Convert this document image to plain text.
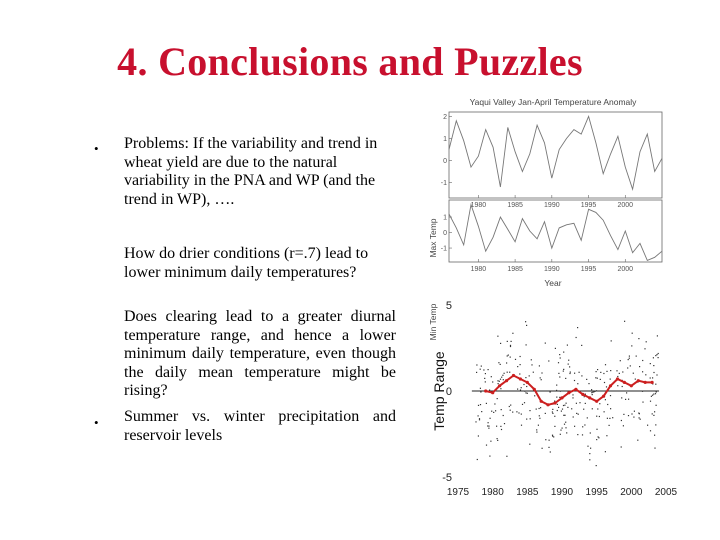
4. Conclusions and Puzzles
• Problems: If the variability and trend in wheat yield are due to the natural variability in the PNA and WP (and the trend in WP), ….
How do drier conditions (r=.7) lead to lower minimum daily temperatures?
Does clearing lead to a greater diurnal temperature range, and hence a lower minimum daily temperature, even though the daily mean temperature might be rising?
• Summer vs. winter precipitation and reservoir levels
Yaqui Valley Jan-April Temperature Anomaly
Max Temp
Min Temp
Year
2
1
0
-1
1980	1985	1990	1995	2000
1
0
-1
1980	1985	1990	1995	2000
Temp Range
5
0
-5
1975 1980 1985 1990 1995 2000 2005
